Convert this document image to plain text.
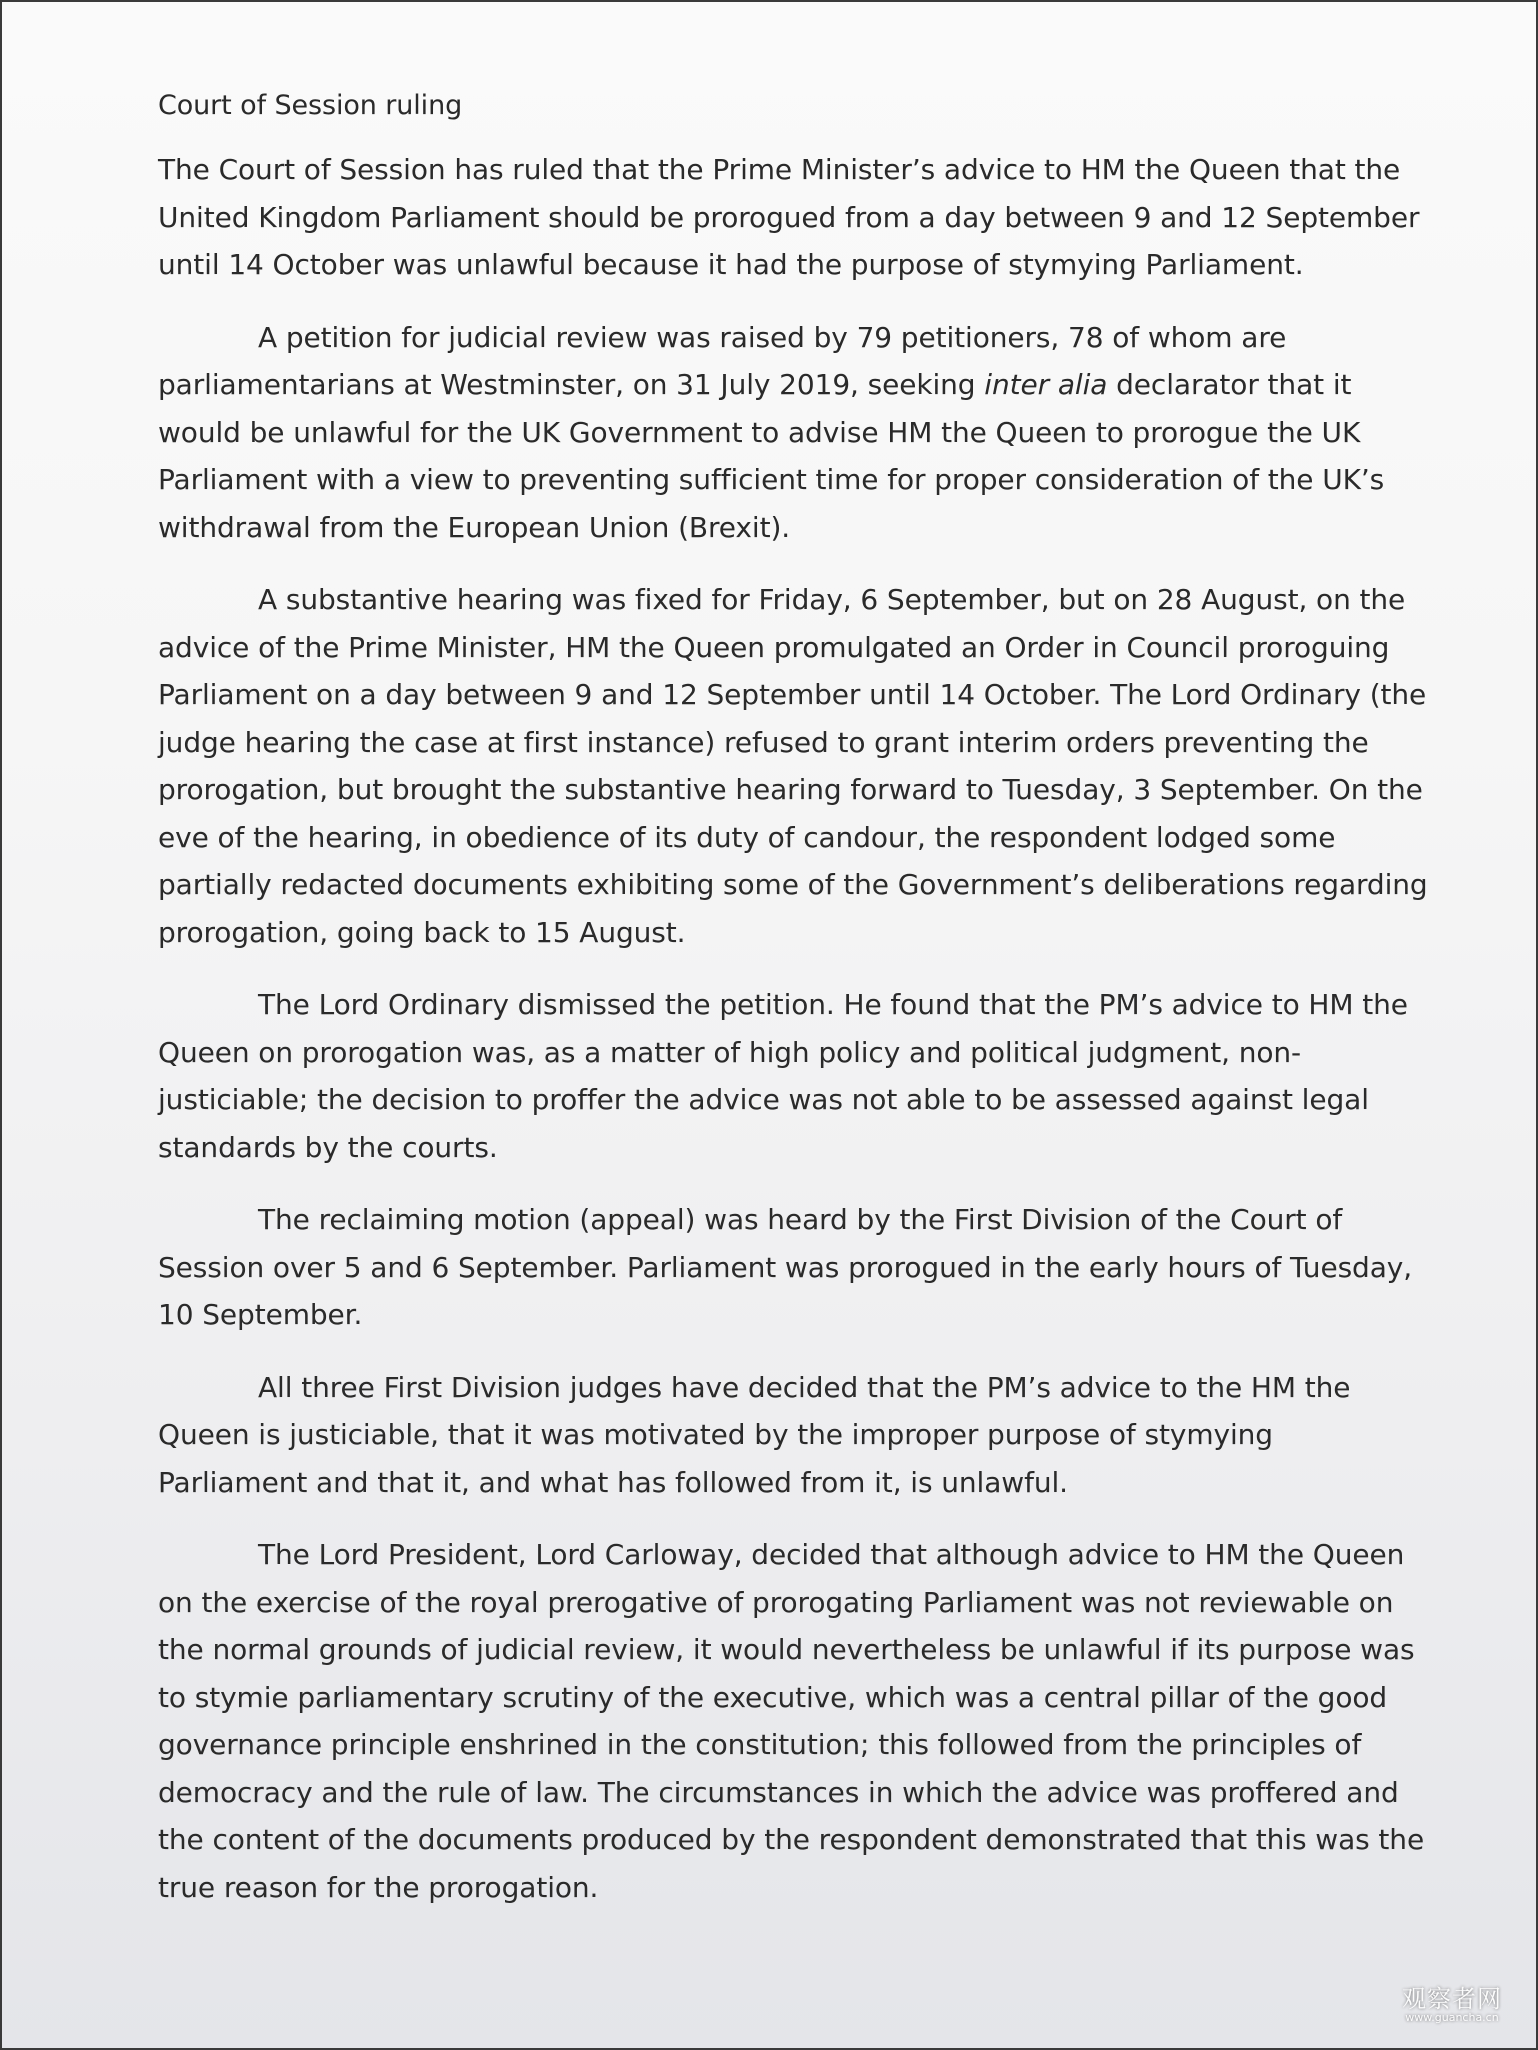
Court of Session ruling

The Court of Session has ruled that the Prime Minister’s advice to HM the Queen that the United Kingdom Parliament should be prorogued from a day between 9 and 12 September until 14 October was unlawful because it had the purpose of stymying Parliament.

A petition for judicial review was raised by 79 petitioners, 78 of whom are parliamentarians at Westminster, on 31 July 2019, seeking inter alia declarator that it would be unlawful for the UK Government to advise HM the Queen to prorogue the UK Parliament with a view to preventing sufficient time for proper consideration of the UK’s withdrawal from the European Union (Brexit).

A substantive hearing was fixed for Friday, 6 September, but on 28 August, on the advice of the Prime Minister, HM the Queen promulgated an Order in Council proroguing Parliament on a day between 9 and 12 September until 14 October. The Lord Ordinary (the judge hearing the case at first instance) refused to grant interim orders preventing the prorogation, but brought the substantive hearing forward to Tuesday, 3 September. On the eve of the hearing, in obedience of its duty of candour, the respondent lodged some partially redacted documents exhibiting some of the Government’s deliberations regarding prorogation, going back to 15 August.

The Lord Ordinary dismissed the petition. He found that the PM’s advice to HM the Queen on prorogation was, as a matter of high policy and political judgment, non-justiciable; the decision to proffer the advice was not able to be assessed against legal standards by the courts.

The reclaiming motion (appeal) was heard by the First Division of the Court of Session over 5 and 6 September. Parliament was prorogued in the early hours of Tuesday, 10 September.

All three First Division judges have decided that the PM’s advice to the HM the Queen is justiciable, that it was motivated by the improper purpose of stymying Parliament and that it, and what has followed from it, is unlawful.

The Lord President, Lord Carloway, decided that although advice to HM the Queen on the exercise of the royal prerogative of prorogating Parliament was not reviewable on the normal grounds of judicial review, it would nevertheless be unlawful if its purpose was to stymie parliamentary scrutiny of the executive, which was a central pillar of the good governance principle enshrined in the constitution; this followed from the principles of democracy and the rule of law. The circumstances in which the advice was proffered and the content of the documents produced by the respondent demonstrated that this was the true reason for the prorogation.

观察者网
www.guancha.cn
